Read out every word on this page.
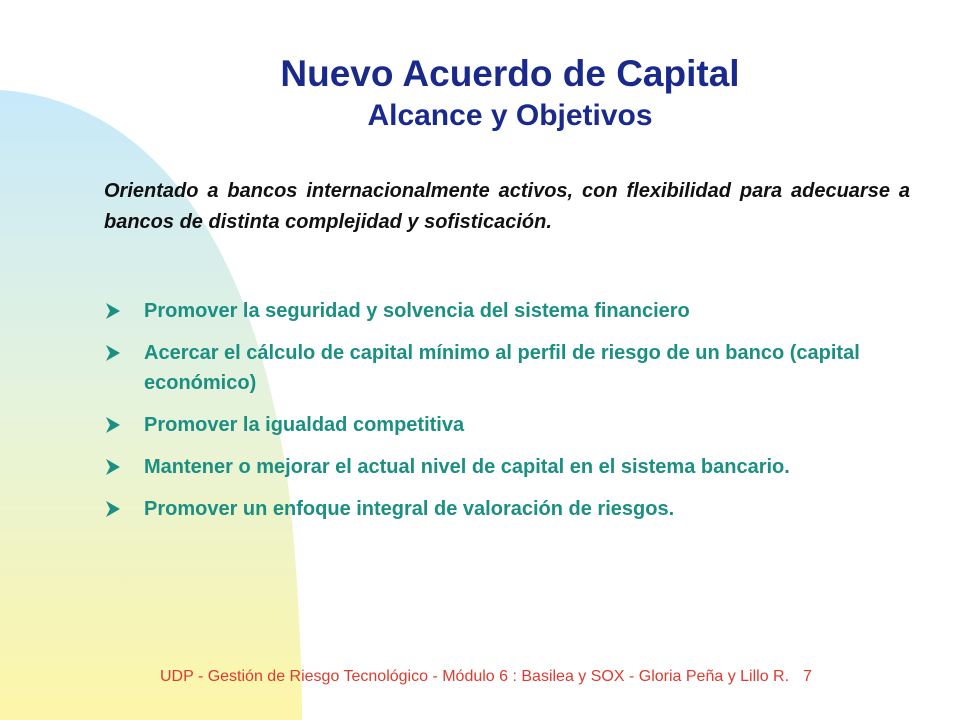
Nuevo Acuerdo de Capital
Alcance y Objetivos
Orientado a bancos internacionalmente activos, con flexibilidad para adecuarse a bancos de distinta complejidad y sofisticación.
Promover la seguridad y solvencia del sistema financiero
Acercar el cálculo de capital mínimo al perfil de riesgo de un banco (capital económico)
Promover la igualdad competitiva
Mantener o mejorar el actual nivel de capital en el sistema bancario.
Promover un enfoque integral de valoración de riesgos.
UDP - Gestión de Riesgo Tecnológico - Módulo 6 : Basilea y SOX - Gloria Peña y Lillo R. 7
